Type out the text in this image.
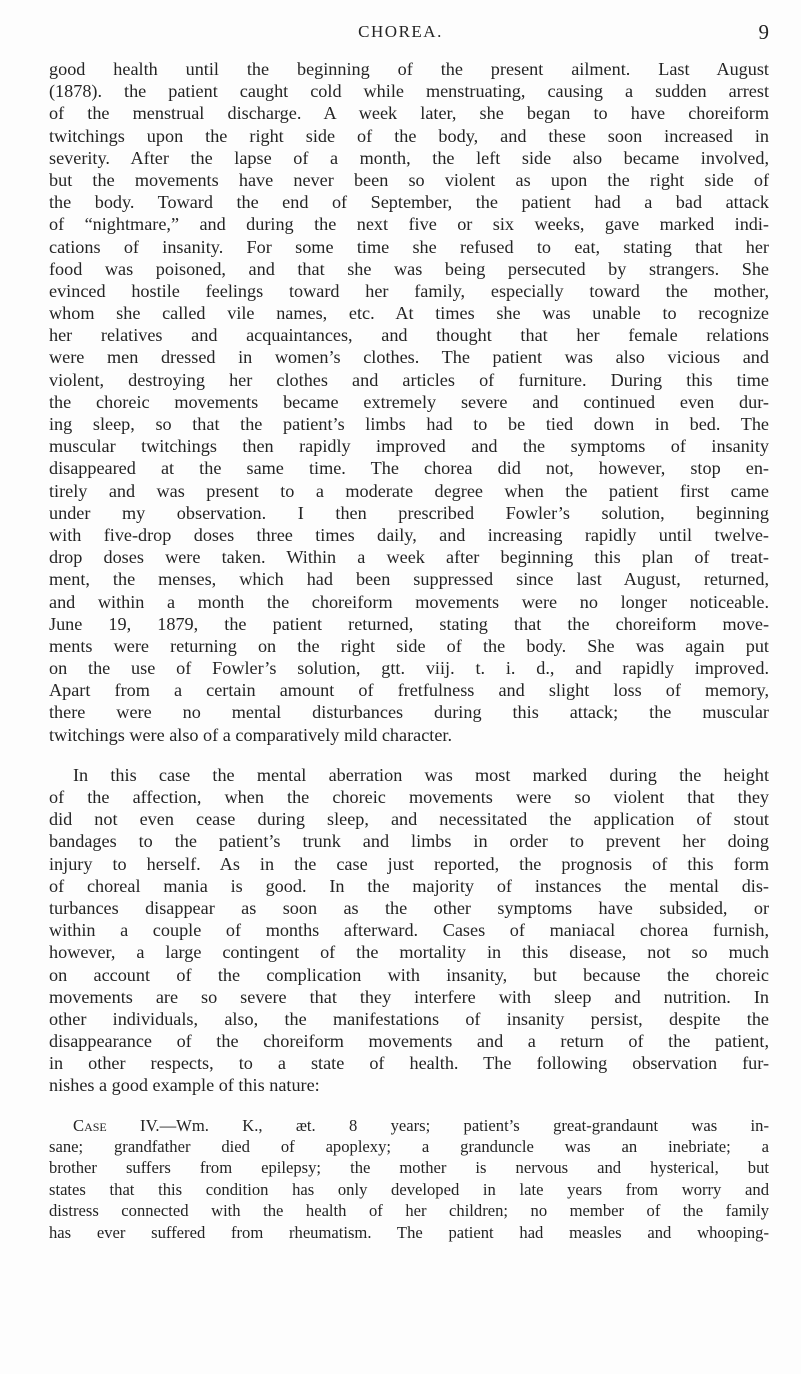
CHOREA.	9
good health until the beginning of the present ailment. Last August
(1878). the patient caught cold while menstruating, causing a sudden arrest
of the menstrual discharge. A week later, she began to have choreiform
twitchings upon the right side of the body, and these soon increased in
severity. After the lapse of a month, the left side also became involved,
but the movements have never been so violent as upon the right side of
the body. Toward the end of September, the patient had a bad attack
of “nightmare,” and during the next five or six weeks, gave marked indi-
cations of insanity. For some time she refused to eat, stating that her
food was poisoned, and that she was being persecuted by strangers. She
evinced hostile feelings toward her family, especially toward the mother,
whom she called vile names, etc. At times she was unable to recognize
her relatives and acquaintances, and thought that her female relations
were men dressed in women’s clothes. The patient was also vicious and
violent, destroying her clothes and articles of furniture. During this time
the choreic movements became extremely severe and continued even dur-
ing sleep, so that the patient’s limbs had to be tied down in bed. The
muscular twitchings then rapidly improved and the symptoms of insanity
disappeared at the same time. The chorea did not, however, stop en-
tirely and was present to a moderate degree when the patient first came
under my observation. I then prescribed Fowler’s solution, beginning
with five-drop doses three times daily, and increasing rapidly until twelve-
drop doses were taken. Within a week after beginning this plan of treat-
ment, the menses, which had been suppressed since last August, returned,
and within a month the choreiform movements were no longer noticeable.
June 19, 1879, the patient returned, stating that the choreiform move-
ments were returning on the right side of the body. She was again put
on the use of Fowler’s solution, gtt. viij. t. i. d., and rapidly improved.
Apart from a certain amount of fretfulness and slight loss of memory,
there were no mental disturbances during this attack; the muscular
twitchings were also of a comparatively mild character.
In this case the mental aberration was most marked during the height
of the affection, when the choreic movements were so violent that they
did not even cease during sleep, and necessitated the application of stout
bandages to the patient’s trunk and limbs in order to prevent her doing
injury to herself. As in the case just reported, the prognosis of this form
of choreal mania is good. In the majority of instances the mental dis-
turbances disappear as soon as the other symptoms have subsided, or
within a couple of months afterward. Cases of maniacal chorea furnish,
however, a large contingent of the mortality in this disease, not so much
on account of the complication with insanity, but because the choreic
movements are so severe that they interfere with sleep and nutrition. In
other individuals, also, the manifestations of insanity persist, despite the
disappearance of the choreiform movements and a return of the patient,
in other respects, to a state of health. The following observation fur-
nishes a good example of this nature:
Case IV.—Wm. K., æt. 8 years; patient’s great-grandaunt was in-
sane; grandfather died of apoplexy; a granduncle was an inebriate; a
brother suffers from epilepsy; the mother is nervous and hysterical, but
states that this condition has only developed in late years from worry and
distress connected with the health of her children; no member of the family
has ever suffered from rheumatism. The patient had measles and whooping-
